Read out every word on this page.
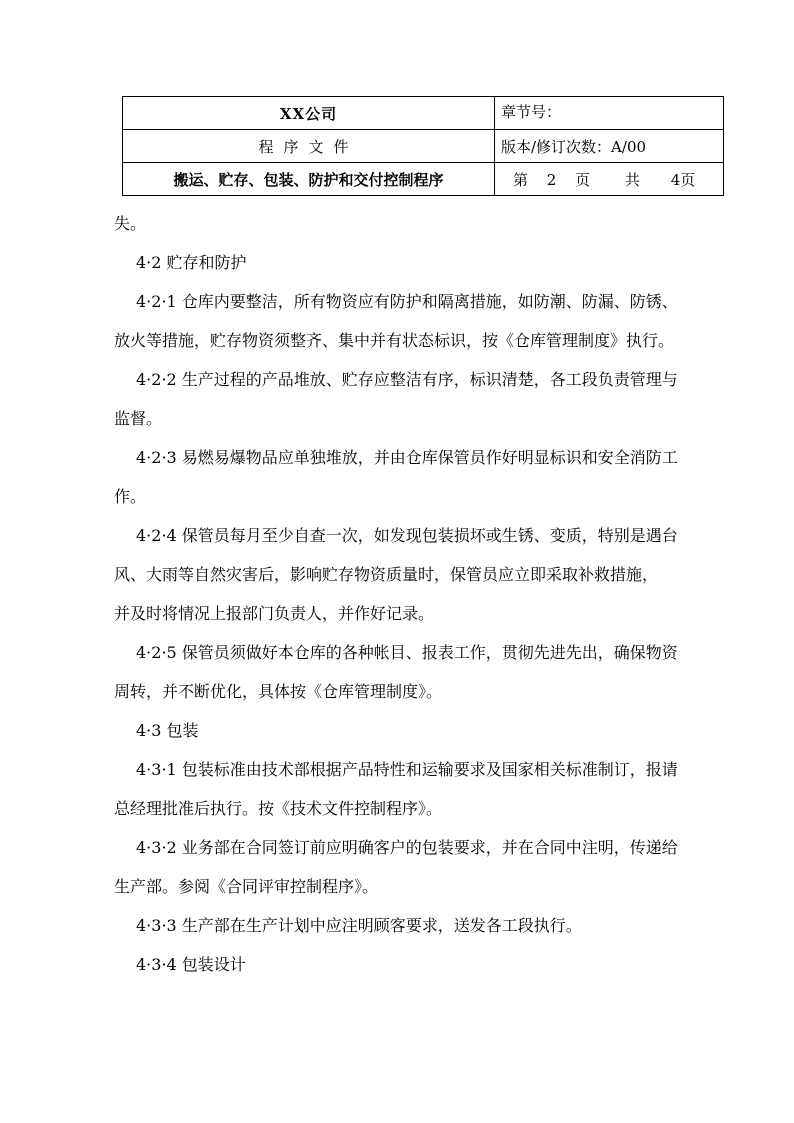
XX公司	章节号：
程序文件	版本/修订次数：A/00
搬运、贮存、包装、防护和交付控制程序	第 2 页 共 4页

失。

4·2 贮存和防护

4·2·1 仓库内要整洁，所有物资应有防护和隔离措施，如防潮、防漏、防锈、

放火等措施，贮存物资须整齐、集中并有状态标识，按《仓库管理制度》执行。

4·2·2 生产过程的产品堆放、贮存应整洁有序，标识清楚，各工段负责管理与

监督。

4·2·3 易燃易爆物品应单独堆放，并由仓库保管员作好明显标识和安全消防工

作。

4·2·4 保管员每月至少自查一次，如发现包装损坏或生锈、变质，特别是遇台

风、大雨等自然灾害后，影响贮存物资质量时，保管员应立即采取补救措施，

并及时将情况上报部门负责人，并作好记录。

4·2·5 保管员须做好本仓库的各种帐目、报表工作，贯彻先进先出，确保物资

周转，并不断优化，具体按《仓库管理制度》。

4·3 包装

4·3·1 包装标准由技术部根据产品特性和运输要求及国家相关标准制订，报请

总经理批准后执行。按《技术文件控制程序》。

4·3·2 业务部在合同签订前应明确客户的包装要求，并在合同中注明，传递给

生产部。参阅《合同评审控制程序》。

4·3·3 生产部在生产计划中应注明顾客要求，送发各工段执行。

4·3·4 包装设计
